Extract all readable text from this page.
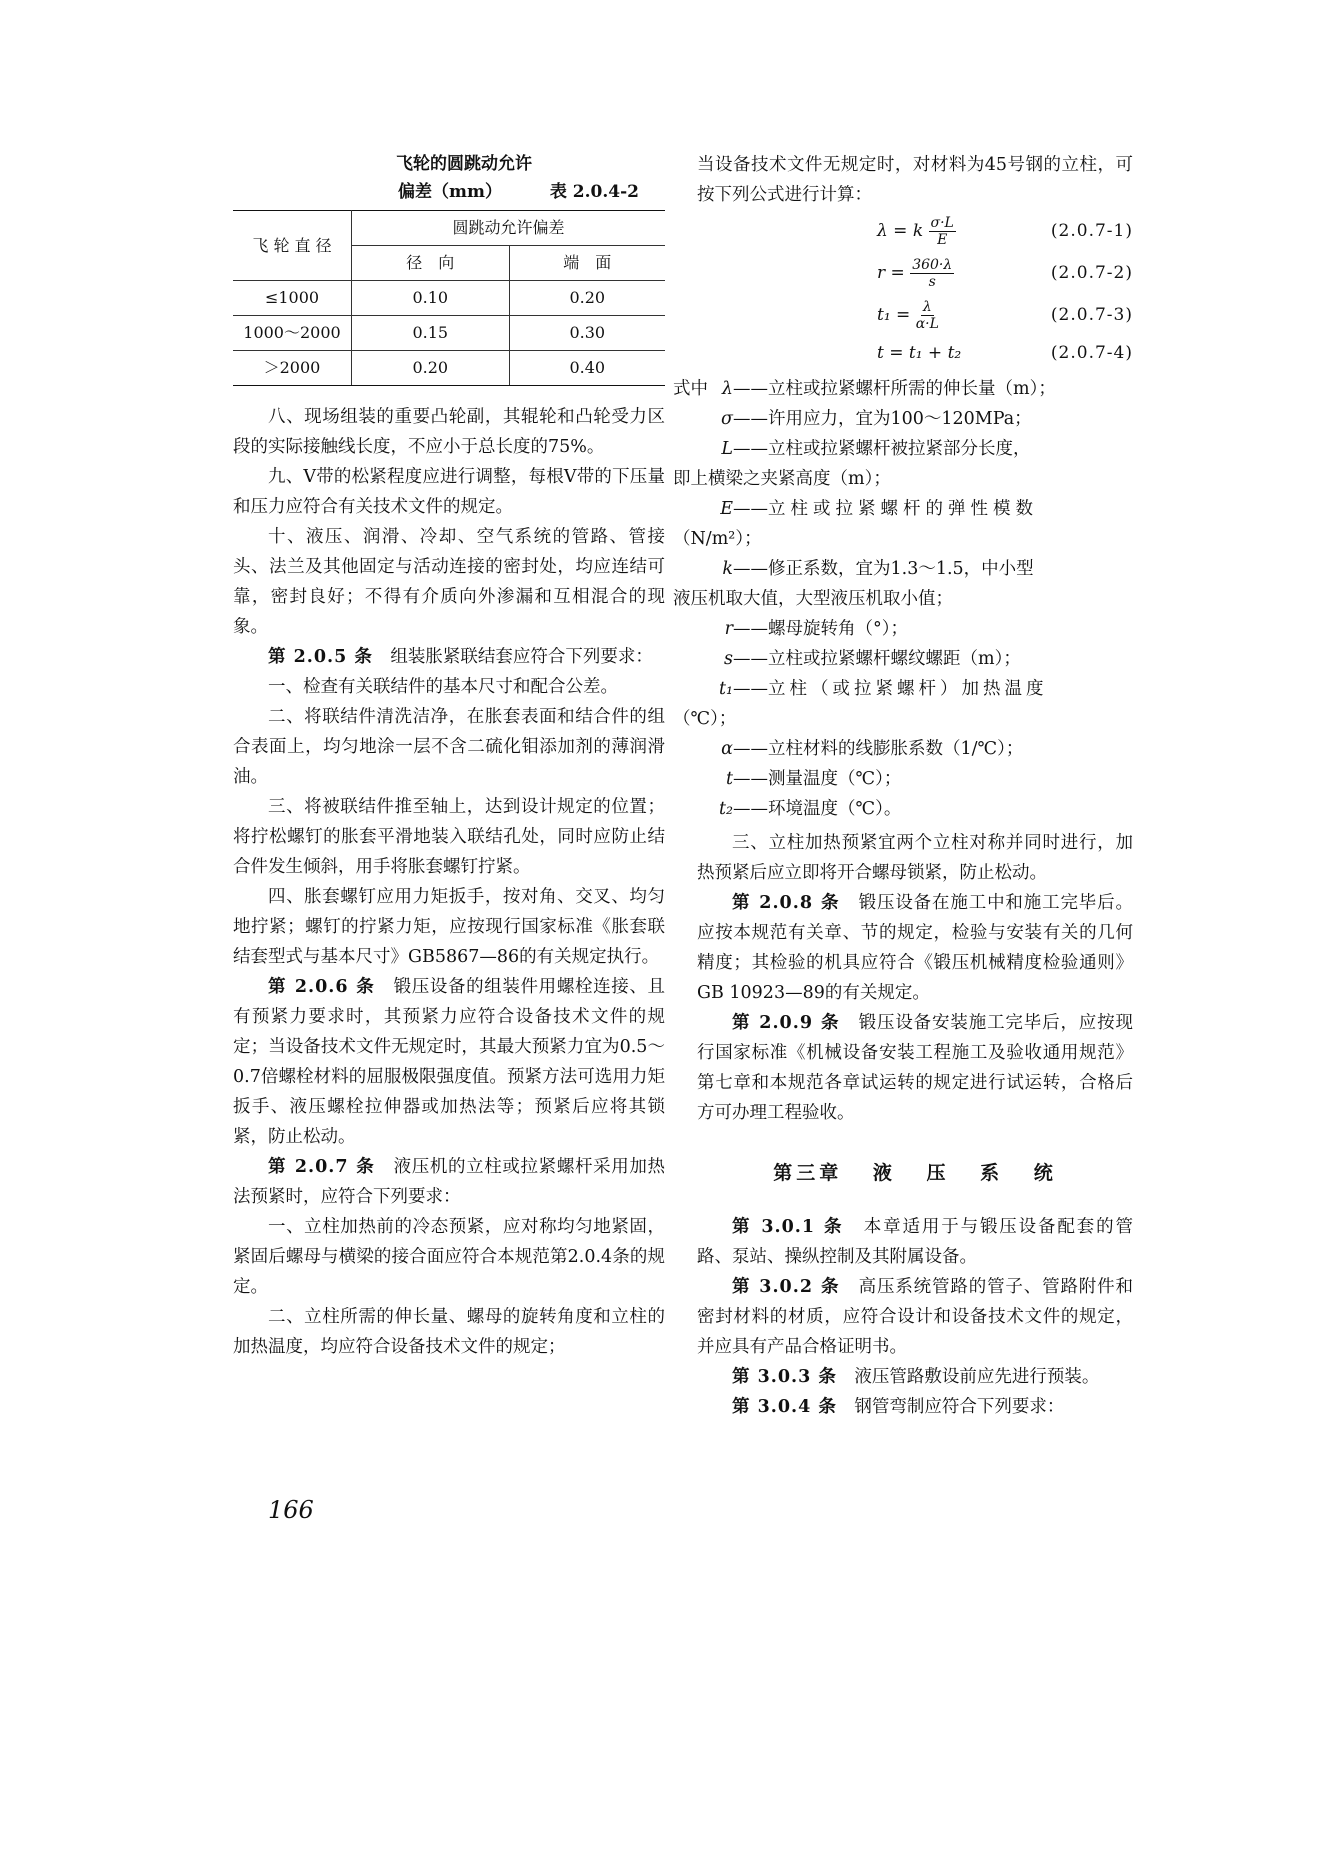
飞轮的圆跳动允许
偏差（mm）	表 2.0.4-2
飞 轮 直 径	圆跳动允许偏差	
	径　向	端　面
≤1000	0.10	0.20
1000～2000	0.15	0.30
＞2000	0.20	0.40

八、现场组装的重要凸轮副，其辊轮和凸轮受力区段的实际接触线长度，不应小于总长度的75%。

九、V带的松紧程度应进行调整，每根V带的下压量和压力应符合有关技术文件的规定。

十、液压、润滑、冷却、空气系统的管路、管接头、法兰及其他固定与活动连接的密封处，均应连结可靠，密封良好；不得有介质向外渗漏和互相混合的现象。

第 2.0.5 条　组装胀紧联结套应符合下列要求：

一、检查有关联结件的基本尺寸和配合公差。

二、将联结件清洗洁净，在胀套表面和结合件的组合表面上，均匀地涂一层不含二硫化钼添加剂的薄润滑油。

三、将被联结件推至轴上，达到设计规定的位置；将拧松螺钉的胀套平滑地装入联结孔处，同时应防止结合件发生倾斜，用手将胀套螺钉拧紧。

四、胀套螺钉应用力矩扳手，按对角、交叉、均匀地拧紧；螺钉的拧紧力矩，应按现行国家标准《胀套联结套型式与基本尺寸》GB5867—86的有关规定执行。

第 2.0.6 条　锻压设备的组装件用螺栓连接、且有预紧力要求时，其预紧力应符合设备技术文件的规定；当设备技术文件无规定时，其最大预紧力宜为0.5～0.7倍螺栓材料的屈服极限强度值。预紧方法可选用力矩扳手、液压螺栓拉伸器或加热法等；预紧后应将其锁紧，防止松动。

第 2.0.7 条　液压机的立柱或拉紧螺杆采用加热法预紧时，应符合下列要求：

一、立柱加热前的冷态预紧，应对称均匀地紧固，紧固后螺母与横梁的接合面应符合本规范第2.0.4条的规定。

二、立柱所需的伸长量、螺母的旋转角度和立柱的加热温度，均应符合设备技术文件的规定；

当设备技术文件无规定时，对材料为45号钢的立柱，可按下列公式进行计算：

λ = k $\frac{\sigma\cdot L}{E}$	(2.0.7-1)
$r = \frac{360\cdot\lambda}{s}$	(2.0.7-2)
$t_1 = \frac{\lambda}{\alpha\cdot L}$	(2.0.7-3)
t = t₁ + t₂	(2.0.7-4)
式中 λ —— 立柱或拉紧螺杆所需的伸长量（m）；
σ —— 许用应力，宜为100～120MPa；
L —— 立柱或拉紧螺杆被拉紧部分长度，
即上横梁之夹紧高度（m）；
E —— 立柱或拉紧螺杆的弹性模数
（N/m²）；
k —— 修正系数，宜为1.3～1.5，中小型
液压机取大值，大型液压机取小值；
r —— 螺母旋转角（°）；
s —— 立柱或拉紧螺杆螺纹螺距（m）；
t₁ —— 立柱（或拉紧螺杆）加热温度
（℃）；
α —— 立柱材料的线膨胀系数（1/℃）；
t —— 测量温度（℃）；
t₂ —— 环境温度（℃）。

三、立柱加热预紧宜两个立柱对称并同时进行，加热预紧后应立即将开合螺母锁紧，防止松动。

第 2.0.8 条　锻压设备在施工中和施工完毕后。应按本规范有关章、节的规定，检验与安装有关的几何精度；其检验的机具应符合《锻压机械精度检验通则》GB 10923—89的有关规定。

第 2.0.9 条　锻压设备安装施工完毕后，应按现行国家标准《机械设备安装工程施工及验收通用规范》第七章和本规范各章试运转的规定进行试运转，合格后方可办理工程验收。

第三章 液 压 系 统

第 3.0.1 条　本章适用于与锻压设备配套的管路、泵站、操纵控制及其附属设备。

第 3.0.2 条　高压系统管路的管子、管路附件和密封材料的材质，应符合设计和设备技术文件的规定，并应具有产品合格证明书。

第 3.0.3 条　液压管路敷设前应先进行预装。

第 3.0.4 条　钢管弯制应符合下列要求：

166
